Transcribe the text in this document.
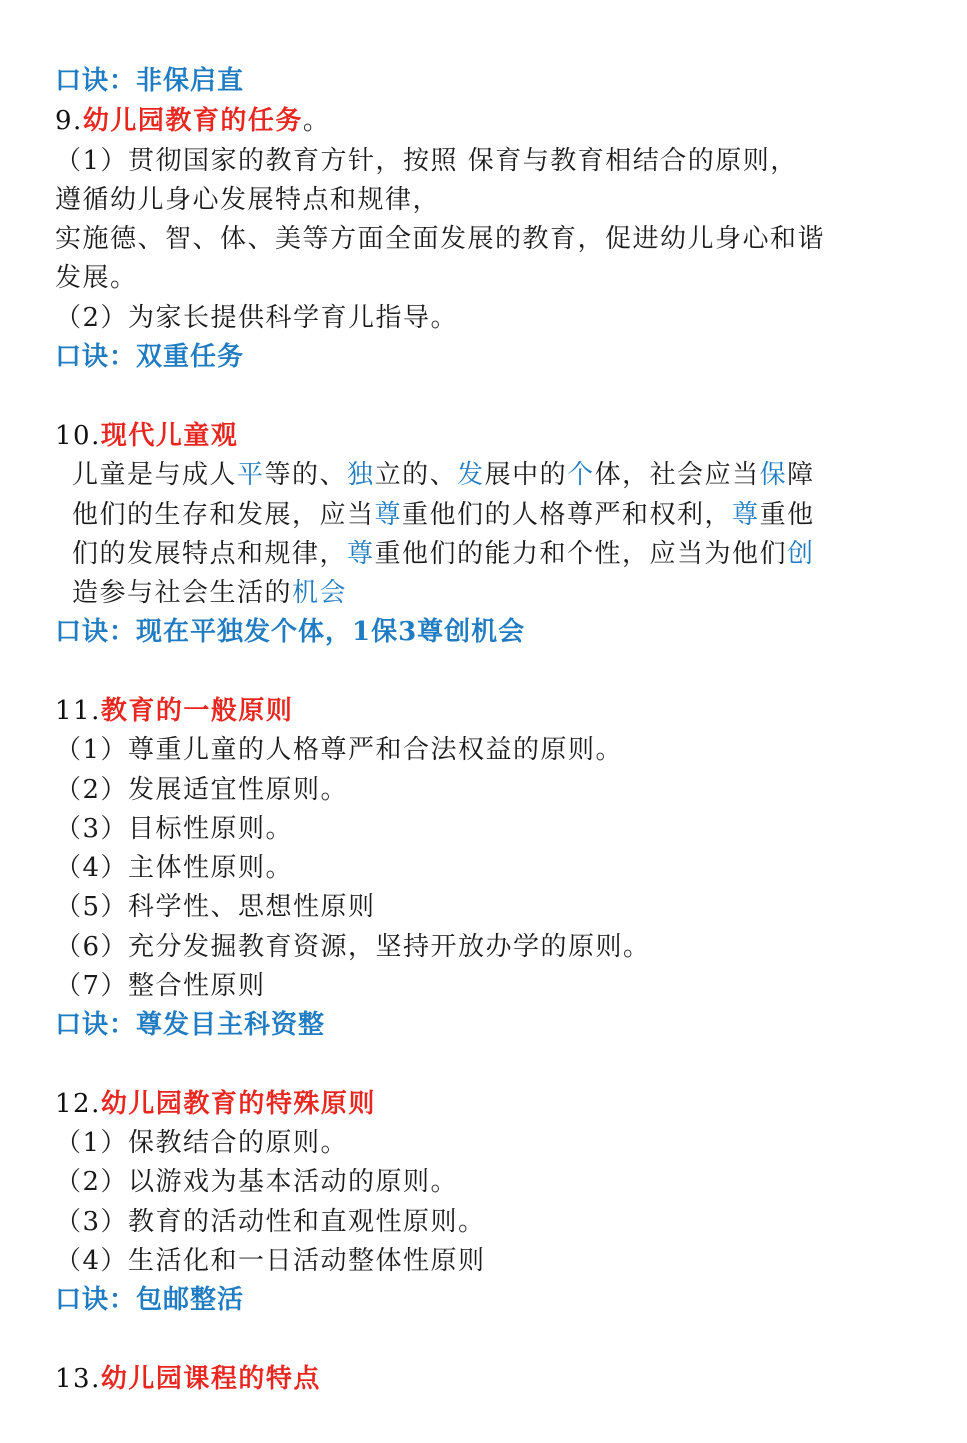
口诀：非保启直
9.幼儿园教育的任务。
（1）贯彻国家的教育方针，按照 保育与教育相结合的原则，
遵循幼儿身心发展特点和规律，
实施德、智、体、美等方面全面发展的教育，促进幼儿身心和谐
发展。
（2）为家长提供科学育儿指导。
口诀：双重任务
10.现代儿童观
儿童是与成人平等的、独立的、发展中的个体，社会应当保障
他们的生存和发展，应当尊重他们的人格尊严和权利，尊重他
们的发展特点和规律，尊重他们的能力和个性，应当为他们创
造参与社会生活的机会
口诀：现在平独发个体，1保3尊创机会
11.教育的一般原则
（1）尊重儿童的人格尊严和合法权益的原则。
（2）发展适宜性原则。
（3）目标性原则。
（4）主体性原则。
（5）科学性、思想性原则
（6）充分发掘教育资源，坚持开放办学的原则。
（7）整合性原则
口诀：尊发目主科资整
12.幼儿园教育的特殊原则
（1）保教结合的原则。
（2）以游戏为基本活动的原则。
（3）教育的活动性和直观性原则。
（4）生活化和一日活动整体性原则
口诀：包邮整活
13.幼儿园课程的特点
